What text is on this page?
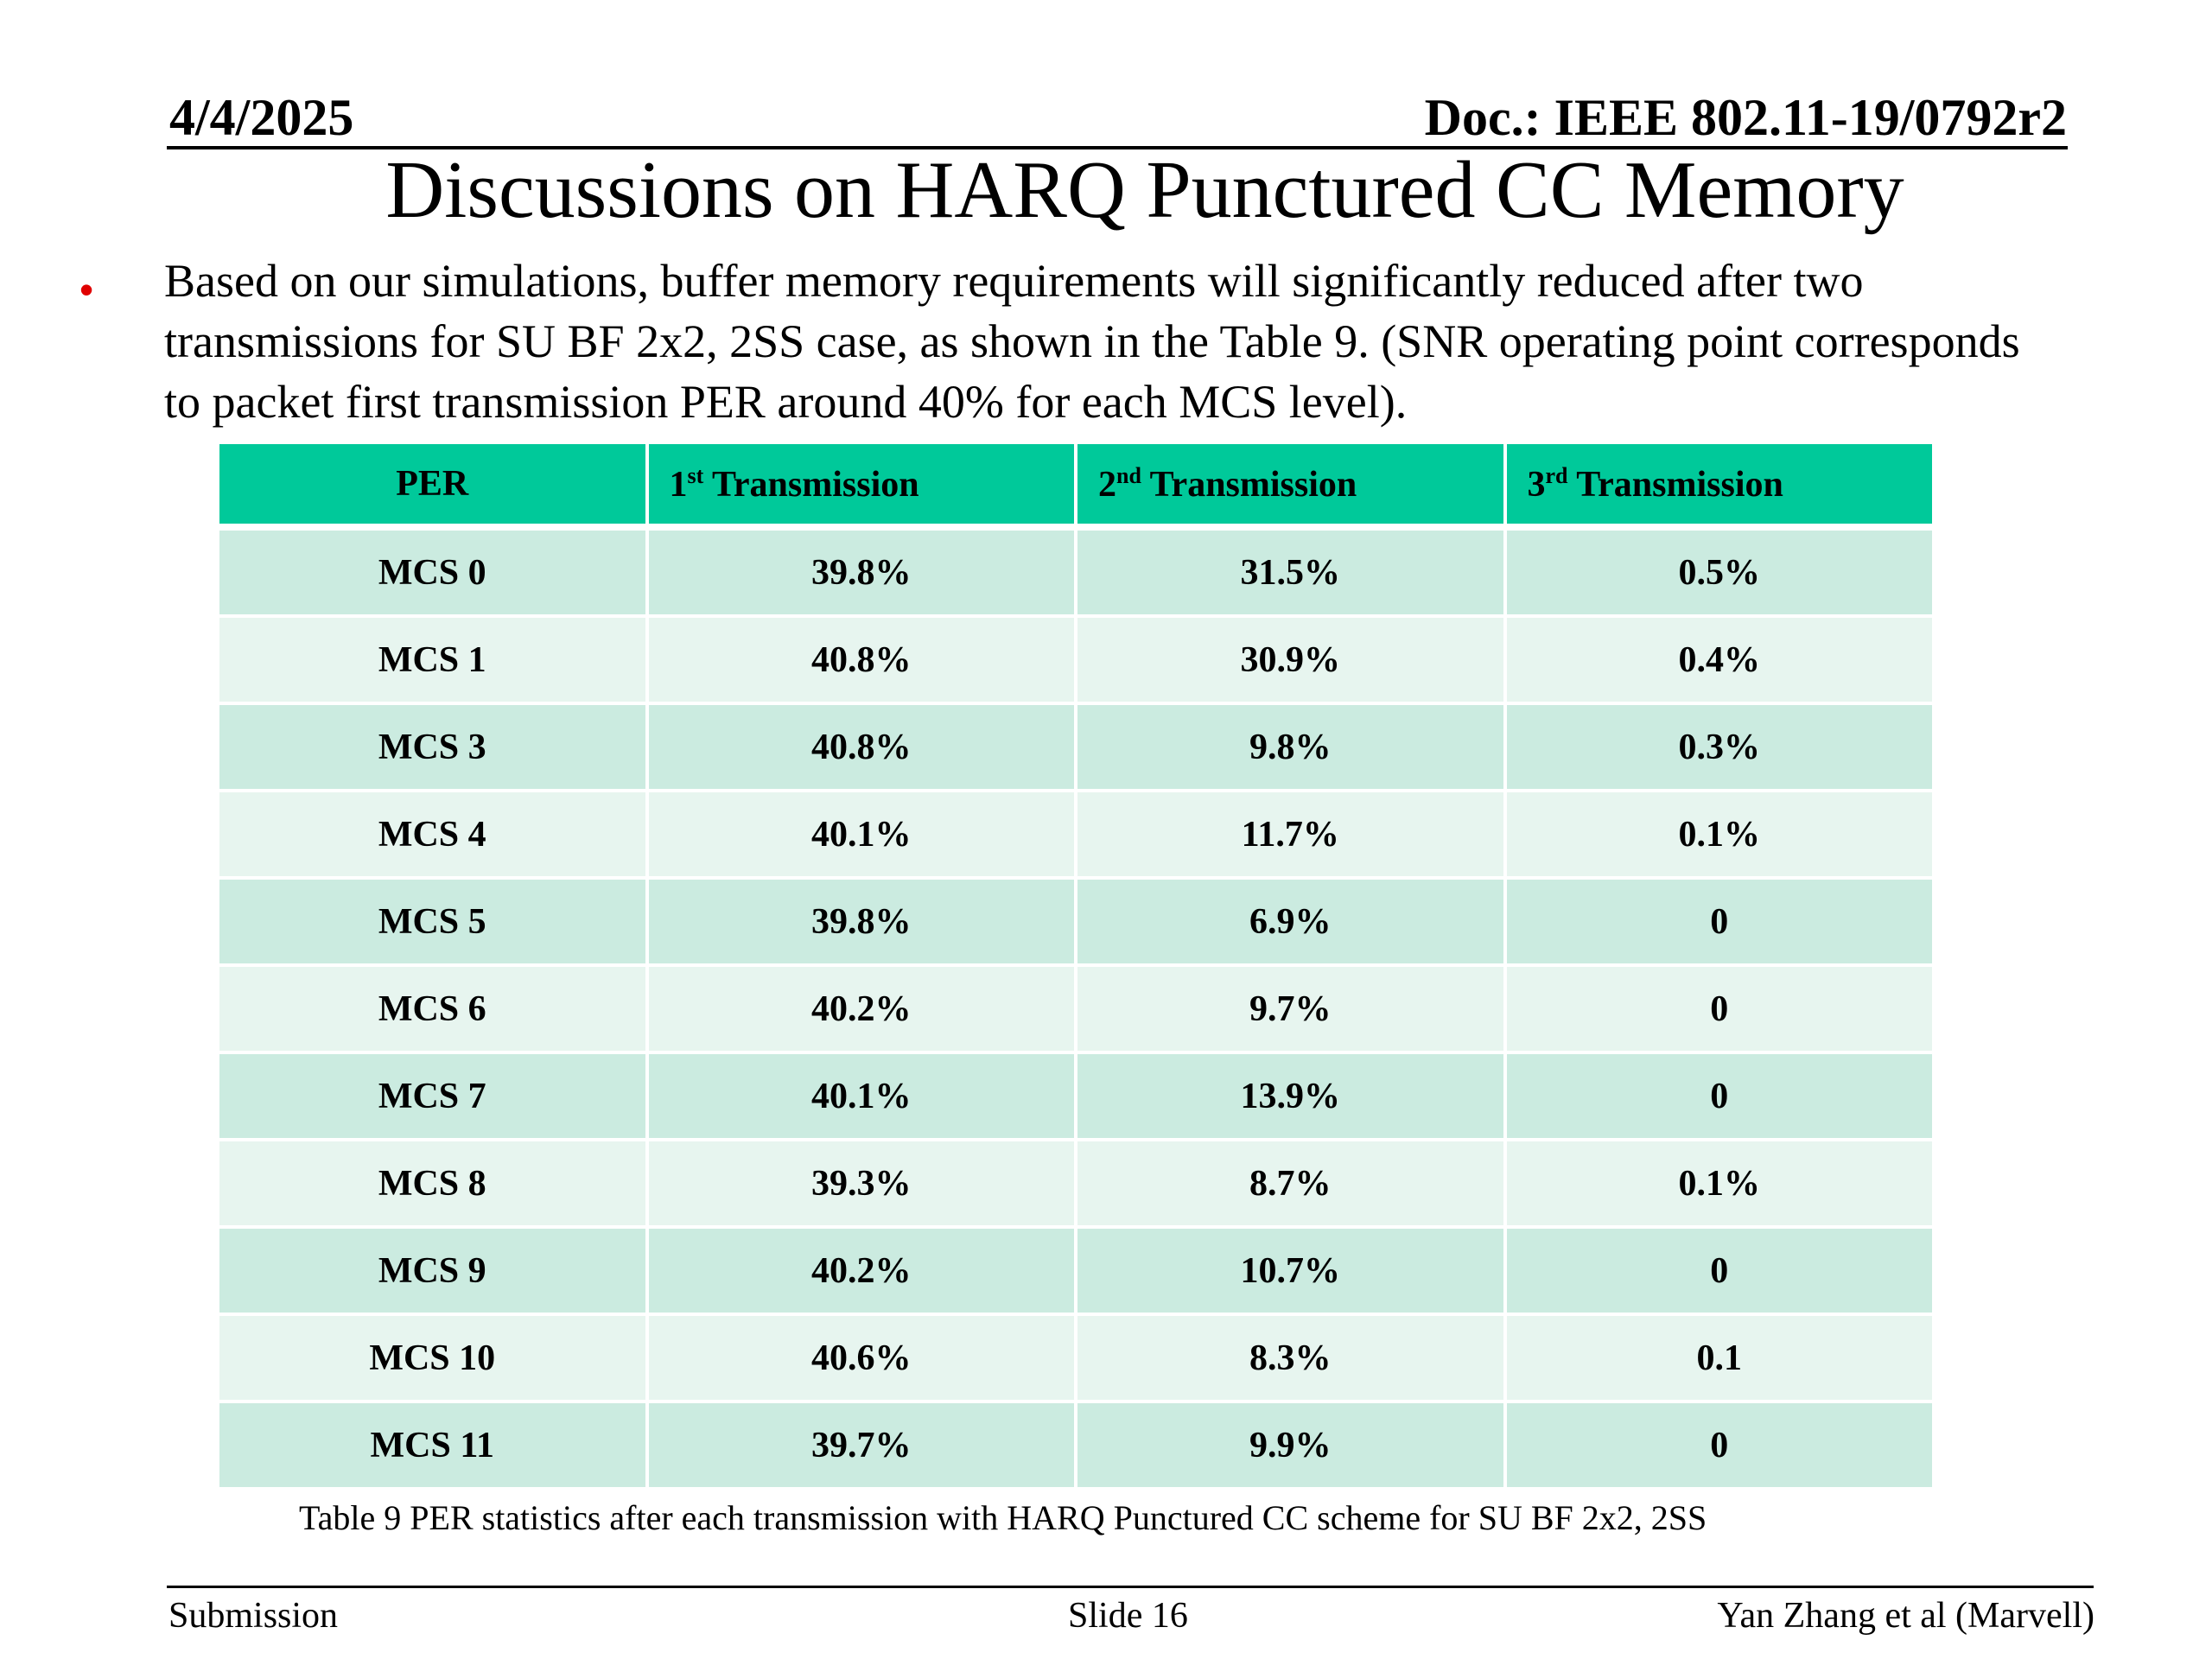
4/4/2025	Doc.: IEEE 802.11-19/0792r2
Discussions on HARQ Punctured CC Memory
• Based on our simulations, buffer memory requirements will significantly reduced after two transmissions for SU BF 2x2, 2SS case, as shown in the Table 9. (SNR operating point corresponds to packet first transmission PER around 40% for each MCS level).
PER	1st Transmission	2nd Transmission	3rd Transmission
MCS 0	39.8%	31.5%	0.5%
MCS 1	40.8%	30.9%	0.4%
MCS 3	40.8%	9.8%	0.3%
MCS 4	40.1%	11.7%	0.1%
MCS 5	39.8%	6.9%	0
MCS 6	40.2%	9.7%	0
MCS 7	40.1%	13.9%	0
MCS 8	39.3%	8.7%	0.1%
MCS 9	40.2%	10.7%	0
MCS 10	40.6%	8.3%	0.1
MCS 11	39.7%	9.9%	0
Table 9 PER statistics after each transmission with HARQ Punctured CC scheme for SU BF 2x2, 2SS
Submission	Slide 16	Yan Zhang et al (Marvell)
